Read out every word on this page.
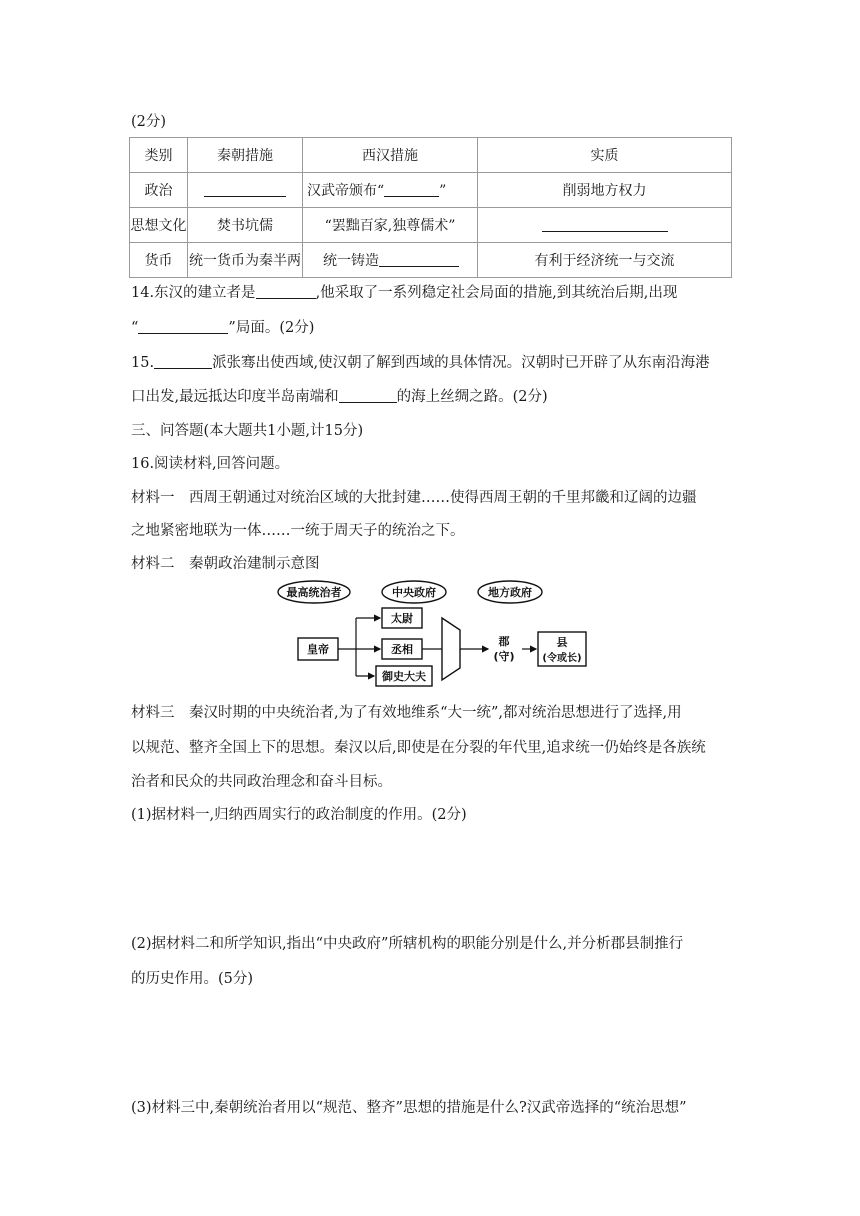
(2分)
类别	秦朝措施	西汉措施	实质
政治		汉武帝颁布“ ”	削弱地方权力
思想文化	焚书坑儒	“罢黜百家,独尊儒术”	
货币	统一货币为秦半两	统一铸造	有利于经济统一与交流
14.东汉的建立者是	,他采取了一系列稳定社会局面的措施,到其统治后期,出现
“	”局面。(2分)
15.	派张骞出使西域,使汉朝了解到西域的具体情况。汉朝时已开辟了从东南沿海港
口出发,最远抵达印度半岛南端和	的海上丝绸之路。(2分)
三、问答题(本大题共1小题,计15分)
16.阅读材料,回答问题。
材料一　西周王朝通过对统治区域的大批封建……使得西周王朝的千里邦畿和辽阔的边疆
之地紧密地联为一体……一统于周天子的统治之下。
材料二　秦朝政治建制示意图
最高统治者	中央政府	地方政府
皇帝
太尉
丞相
御史大夫
郡
(守)
县
(令或长)
材料三　秦汉时期的中央统治者,为了有效地维系“大一统”,都对统治思想进行了选择,用
以规范、整齐全国上下的思想。秦汉以后,即使是在分裂的年代里,追求统一仍始终是各族统
治者和民众的共同政治理念和奋斗目标。
(1)据材料一,归纳西周实行的政治制度的作用。(2分)
(2)据材料二和所学知识,指出“中央政府”所辖机构的职能分别是什么,并分析郡县制推行
的历史作用。(5分)
(3)材料三中,秦朝统治者用以“规范、整齐”思想的措施是什么?汉武帝选择的“统治思想”
